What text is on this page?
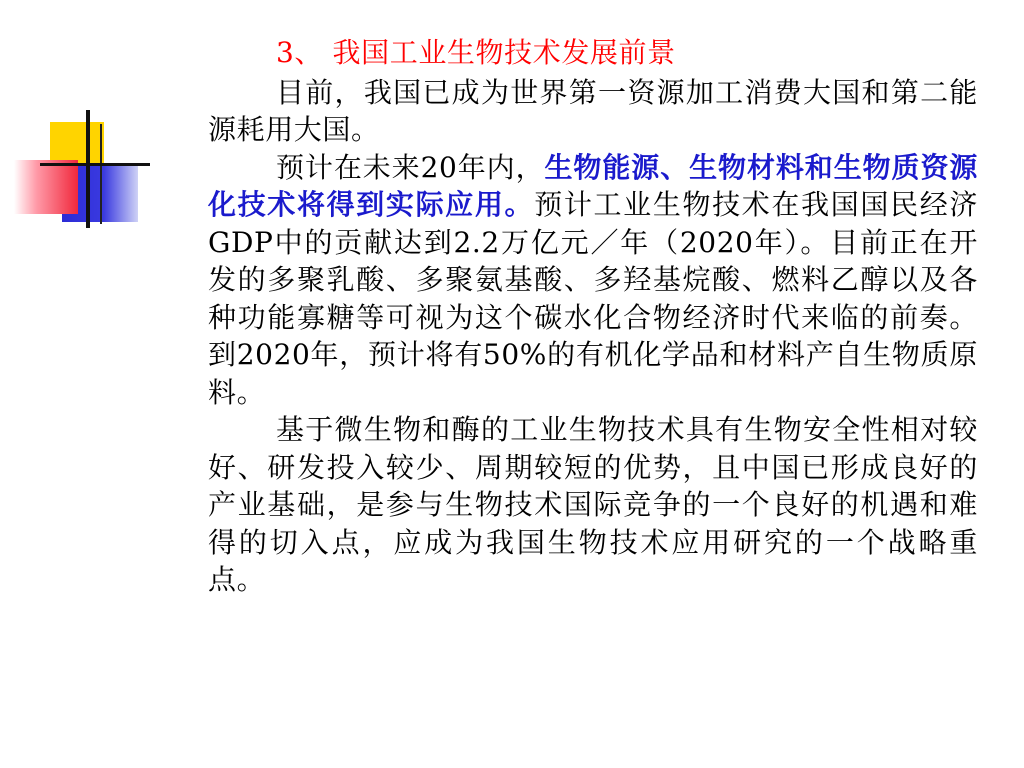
3、 我国工业生物技术发展前景

目前，我国已成为世界第一资源加工消费大国和第二能源耗用大国。

预计在未来20年内，生物能源、生物材料和生物质资源化技术将得到实际应用。预计工业生物技术在我国国民经济GDP中的贡献达到2.2万亿元／年（2020年）。目前正在开发的多聚乳酸、多聚氨基酸、多羟基烷酸、燃料乙醇以及各种功能寡糖等可视为这个碳水化合物经济时代来临的前奏。到2020年，预计将有50%的有机化学品和材料产自生物质原料。

基于微生物和酶的工业生物技术具有生物安全性相对较好、研发投入较少、周期较短的优势，且中国已形成良好的产业基础，是参与生物技术国际竞争的一个良好的机遇和难得的切入点，应成为我国生物技术应用研究的一个战略重点。
